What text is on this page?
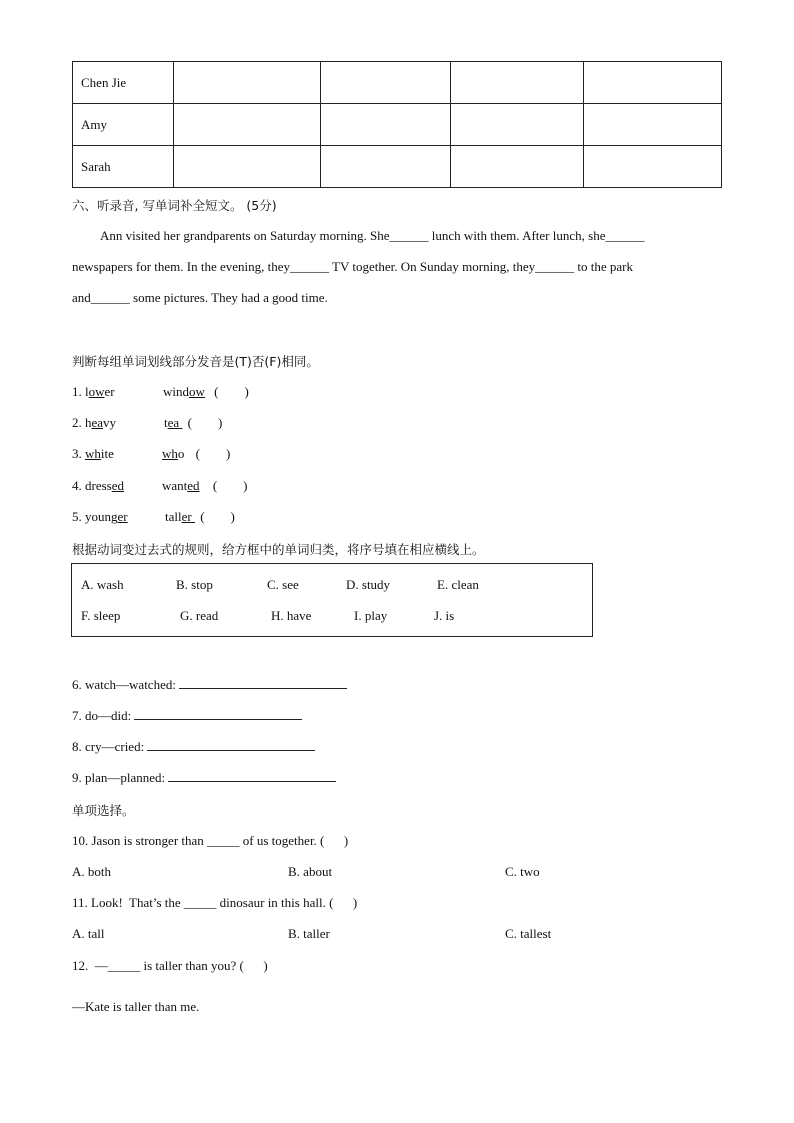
Chen Jie				
Amy				
Sarah				
六、听录音, 写单词补全短文。 (5分)
Ann visited her grandparents on Saturday morning. She______ lunch with them. After lunch, she______
newspapers for them. In the evening, they______ TV together. On Sunday morning, they______ to the park
and______ some pictures. They had a good time.
判断每组单词划线部分发音是(T)否(F)相同。
1. lower	window (        )
2. heavy	tea (        )
3. white	who (        )
4. dressed	wanted (        )
5. younger	taller (        )
根据动词变过去式的规则，给方框中的单词归类，将序号填在相应横线上。
A. wash	B. stop	C. see	D. study	E. clean
F. sleep	G. read	H. have	I. play	J. is
6. watch—watched:
7. do—did:
8. cry—cried:
9. plan—planned:
单项选择。
10. Jason is stronger than _____ of us together. (      )
A. both	B. about	C. two
11. Look!  That’s the _____ dinosaur in this hall. (      )
A. tall	B. taller	C. tallest
12.  —_____ is taller than you? (      )
—Kate is taller than me.
